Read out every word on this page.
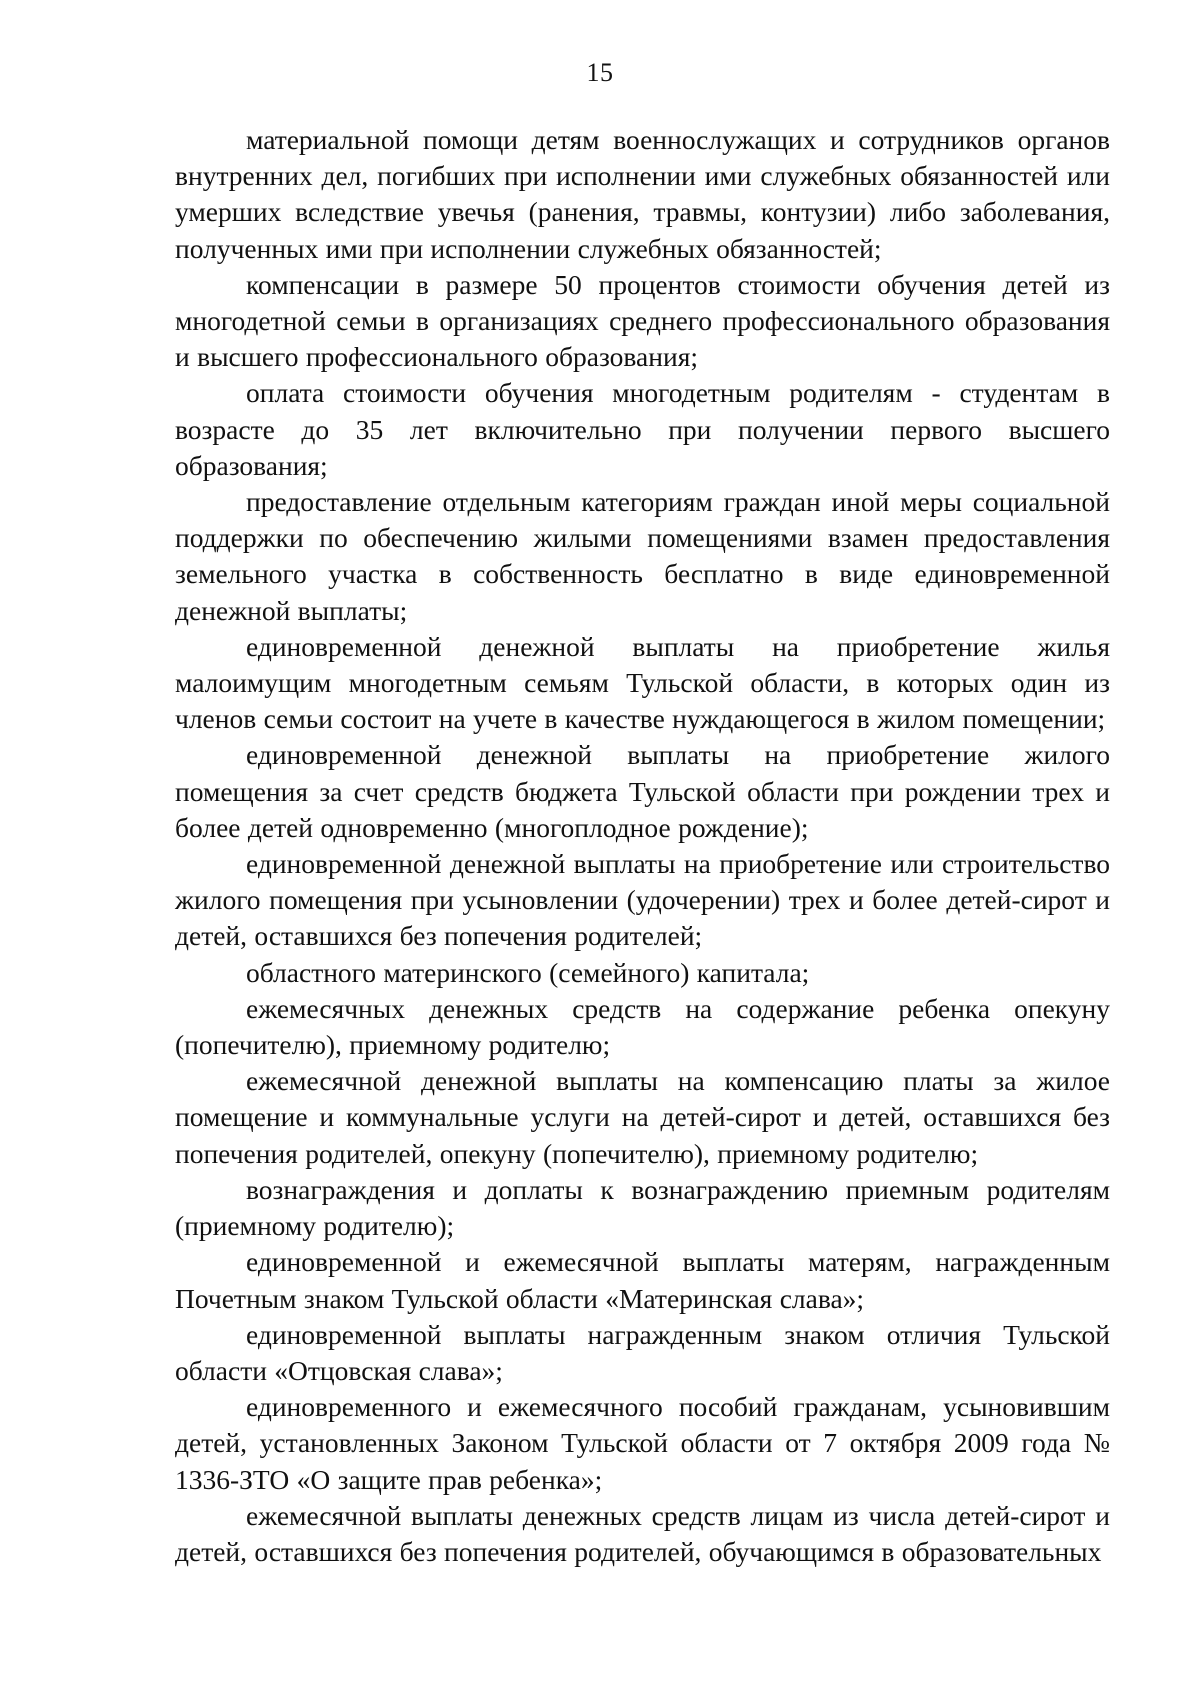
15

материальной помощи детям военнослужащих и сотрудников органов внутренних дел, погибших при исполнении ими служебных обязанностей или умерших вследствие увечья (ранения, травмы, контузии) либо заболевания, полученных ими при исполнении служебных обязанностей;

компенсации в размере 50 процентов стоимости обучения детей из многодетной семьи в организациях среднего профессионального образования и высшего профессионального образования;

оплата стоимости обучения многодетным родителям - студентам в возрасте до 35 лет включительно при получении первого высшего образования;

предоставление отдельным категориям граждан иной меры социальной поддержки по обеспечению жилыми помещениями взамен предоставления земельного участка в собственность бесплатно в виде единовременной денежной выплаты;

единовременной денежной выплаты на приобретение жилья малоимущим многодетным семьям Тульской области, в которых один из членов семьи состоит на учете в качестве нуждающегося в жилом помещении;

единовременной денежной выплаты на приобретение жилого помещения за счет средств бюджета Тульской области при рождении трех и более детей одновременно (многоплодное рождение);

единовременной денежной выплаты на приобретение или строительство жилого помещения при усыновлении (удочерении) трех и более детей-сирот и детей, оставшихся без попечения родителей;

областного материнского (семейного) капитала;

ежемесячных денежных средств на содержание ребенка опекуну (попечителю), приемному родителю;

ежемесячной денежной выплаты на компенсацию платы за жилое помещение и коммунальные услуги на детей-сирот и детей, оставшихся без попечения родителей, опекуну (попечителю), приемному родителю;

вознаграждения и доплаты к вознаграждению приемным родителям (приемному родителю);

единовременной и ежемесячной выплаты матерям, награжденным Почетным знаком Тульской области «Материнская слава»;

единовременной выплаты награжденным знаком отличия Тульской области «Отцовская слава»;

единовременного и ежемесячного пособий гражданам, усыновившим детей, установленных Законом Тульской области от 7 октября 2009 года № 1336-ЗТО «О защите прав ребенка»;

ежемесячной выплаты денежных средств лицам из числа детей-сирот и детей, оставшихся без попечения родителей, обучающимся в образовательных
